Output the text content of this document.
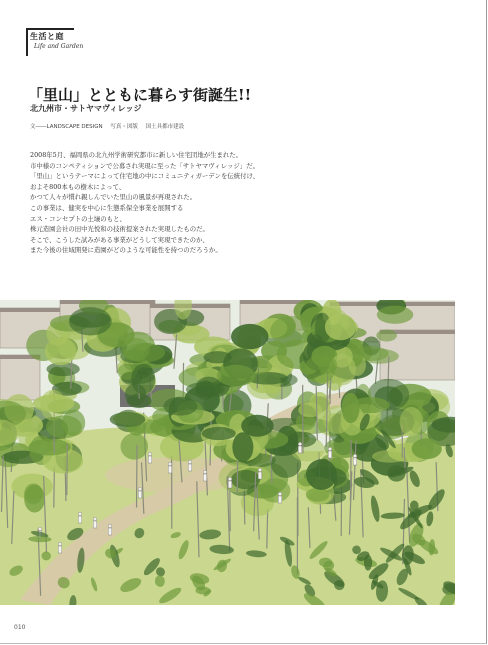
生活と庭
Life and Garden
「里山」とともに暮らす街誕生!!
北九州市・サトヤマヴィレッジ
文――LANDSCAPE DESIGN 写真・図版 国土具都市建設

2008年5月、福岡県の北九州学術研究都市に新しい住宅団地が生まれた。

市中様のコンペティションで公募され実現に至った「サトヤマヴィレッジ」だ。

「里山」というテーマによって住宅地の中にコミュニティガーデンを伝統付け、

およそ800本もの樹木によって、

かつて人々が慣れ親しんでいた里山の風景が再現された。

この事業は、健実を中心に生態系保全事業を展開する

エス・コンセプトの土壌のもと、

株元造園会社の田中光悦和の技術提案された実現したものだ。

そこで、こうした試みがある事業がどうして実現できたのか、

また今後の住域開発に造園がどのような可能性を持つのだろうか。

010
